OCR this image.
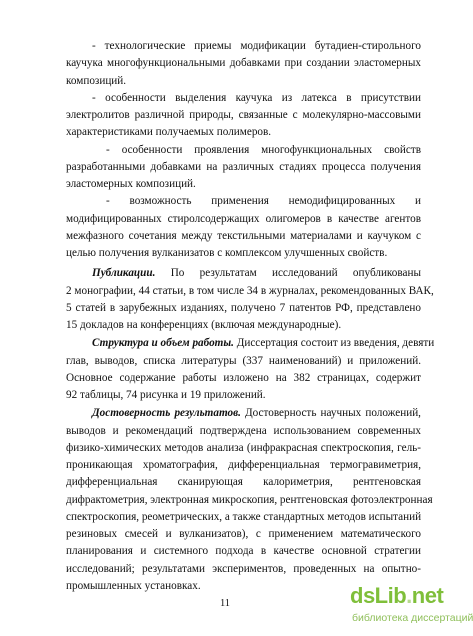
- технологические приемы модификации бутадиен-стирольного
каучука многофункциональными добавками при создании эластомерных
композиций.
- особенности выделения каучука из латекса в присутствии
электролитов различной природы, связанные с молекулярно-массовыми
характеристиками получаемых полимеров.
- особенности проявления многофункциональных свойств
разработанными добавками на различных стадиях процесса получения
эластомерных композиций.
- возможность применения немодифицированных и
модифицированных стиролсодержащих олигомеров в качестве агентов
межфазного сочетания между текстильными материалами и каучуком с
целью получения вулканизатов с комплексом улучшенных свойств.
Публикации. По результатам исследований опубликованы
2 монографии, 44 статьи, в том числе 34 в журналах, рекомендованных ВАК,
5 статей в зарубежных изданиях, получено 7 патентов РФ, представлено
15 докладов на конференциях (включая международные).
Структура и объем работы. Диссертация состоит из введения, девяти
глав, выводов, списка литературы (337 наименований) и приложений.
Основное содержание работы изложено на 382 страницах, содержит
92 таблицы, 74 рисунка и 19 приложений.
Достоверность результатов. Достоверность научных положений,
выводов и рекомендаций подтверждена использованием современных
физико-химических методов анализа (инфракрасная спектроскопия, гель-
проникающая хроматография, дифференциальная термогравиметрия,
дифференциальная сканирующая калориметрия, рентгеновская
дифрактометрия, электронная микроскопия, рентгеновская фотоэлектронная
спектроскопия, реометрических, а также стандартных методов испытаний
резиновых смесей и вулканизатов), с применением математического
планирования и системного подхода в качестве основной стратегии
исследований; результатами экспериментов, проведенных на опытно-
промышленных установках.
11	dsLib.net
библиотека диссертаций
